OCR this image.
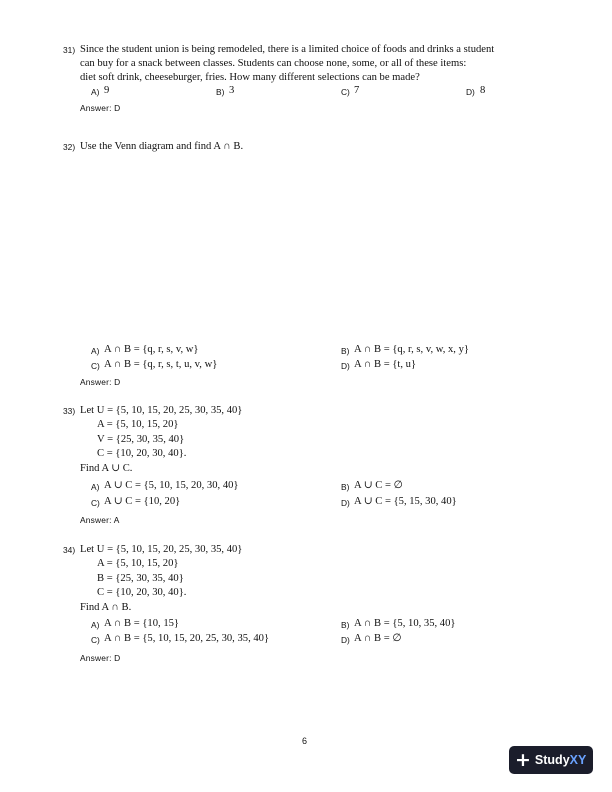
31) Since the student union is being remodeled, there is a limited choice of foods and drinks a student
can buy for a snack between classes. Students can choose none, some, or all of these items:
diet soft drink, cheeseburger, fries. How many different selections can be made?
A) 9	B) 3	C) 7	D) 8
Answer: D
32) Use the Venn diagram and find A ∩ B.
A) A ∩ B = {q, r, s, v, w}	B) A ∩ B = {q, r, s, v, w, x, y}
C) A ∩ B = {q, r, s, t, u, v, w}	D) A ∩ B = {t, u}
Answer: D
33) Let U = {5, 10, 15, 20, 25, 30, 35, 40}
A = {5, 10, 15, 20}
V = {25, 30, 35, 40}
C = {10, 20, 30, 40}.
Find A ∪ C.
A) A ∪ C = {5, 10, 15, 20, 30, 40}	B) A ∪ C = ∅
C) A ∪ C = {10, 20}	D) A ∪ C = {5, 15, 30, 40}
Answer: A
34) Let U = {5, 10, 15, 20, 25, 30, 35, 40}
A = {5, 10, 15, 20}
B = {25, 30, 35, 40}
C = {10, 20, 30, 40}.
Find A ∩ B.
A) A ∩ B = {10, 15}	B) A ∩ B = {5, 10, 35, 40}
C) A ∩ B = {5, 10, 15, 20, 25, 30, 35, 40}	D) A ∩ B = ∅
Answer: D
6
+ Study XY
